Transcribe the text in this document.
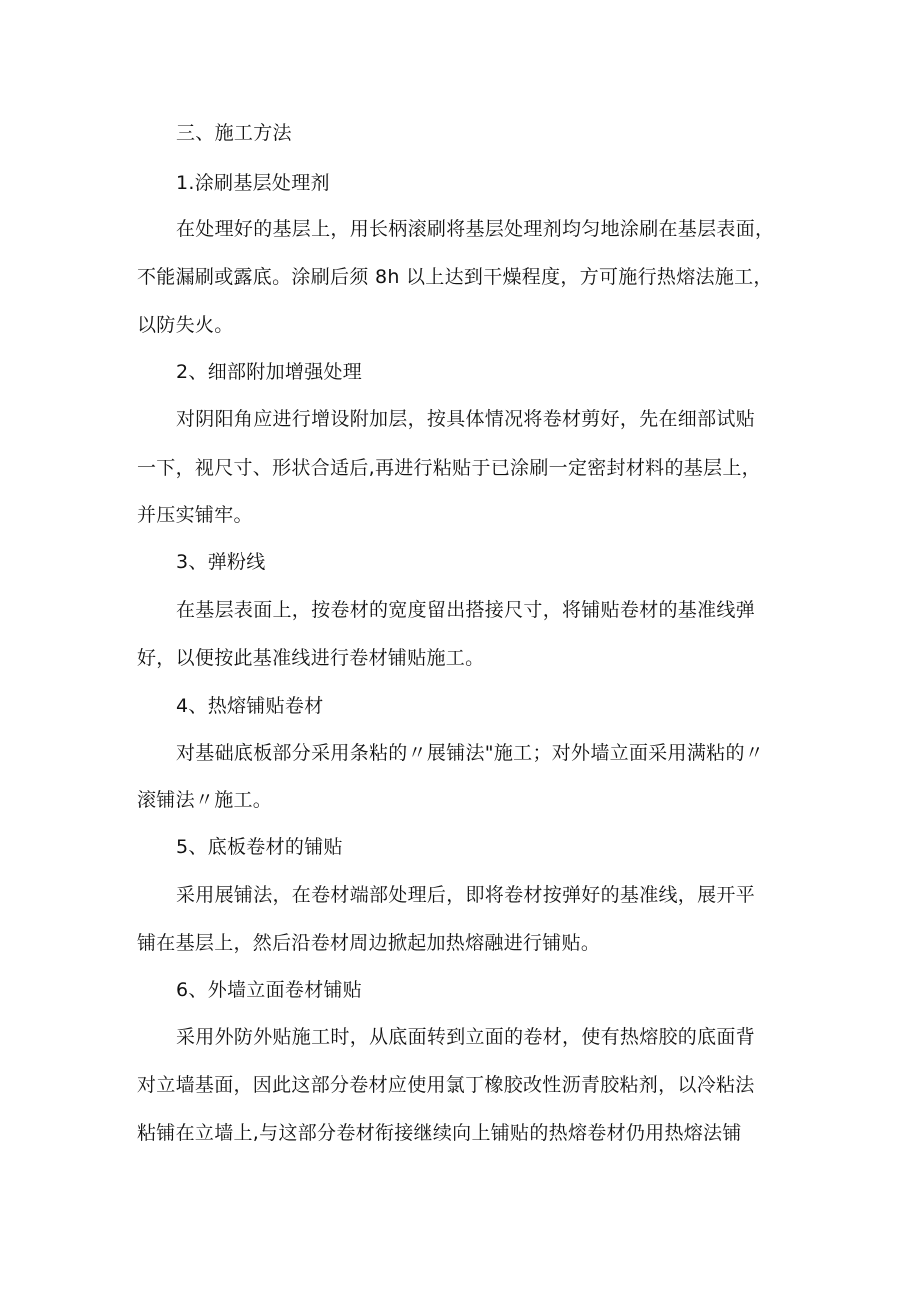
三、施工方法
1.涂刷基层处理剂
在处理好的基层上，用长柄滚刷将基层处理剂均匀地涂刷在基层表面，
不能漏刷或露底。涂刷后须 8h 以上达到干燥程度，方可施行热熔法施工，
以防失火。
2、细部附加增强处理
对阴阳角应进行增设附加层，按具体情况将卷材剪好，先在细部试贴
一下，视尺寸、形状合适后,再进行粘贴于已涂刷一定密封材料的基层上，
并压实铺牢。
3、弹粉线
在基层表面上，按卷材的宽度留出搭接尺寸，将铺贴卷材的基准线弹
好，以便按此基准线进行卷材铺贴施工。
4、热熔铺贴卷材
对基础底板部分采用条粘的〃展铺法"施工；对外墙立面采用满粘的〃
滚铺法〃施工。
5、底板卷材的铺贴
采用展铺法，在卷材端部处理后，即将卷材按弹好的基准线，展开平
铺在基层上，然后沿卷材周边掀起加热熔融进行铺贴。
6、外墙立面卷材铺贴
采用外防外贴施工时，从底面转到立面的卷材，使有热熔胶的底面背
对立墙基面，因此这部分卷材应使用氯丁橡胶改性沥青胶粘剂，以冷粘法
粘铺在立墙上,与这部分卷材衔接继续向上铺贴的热熔卷材仍用热熔法铺
